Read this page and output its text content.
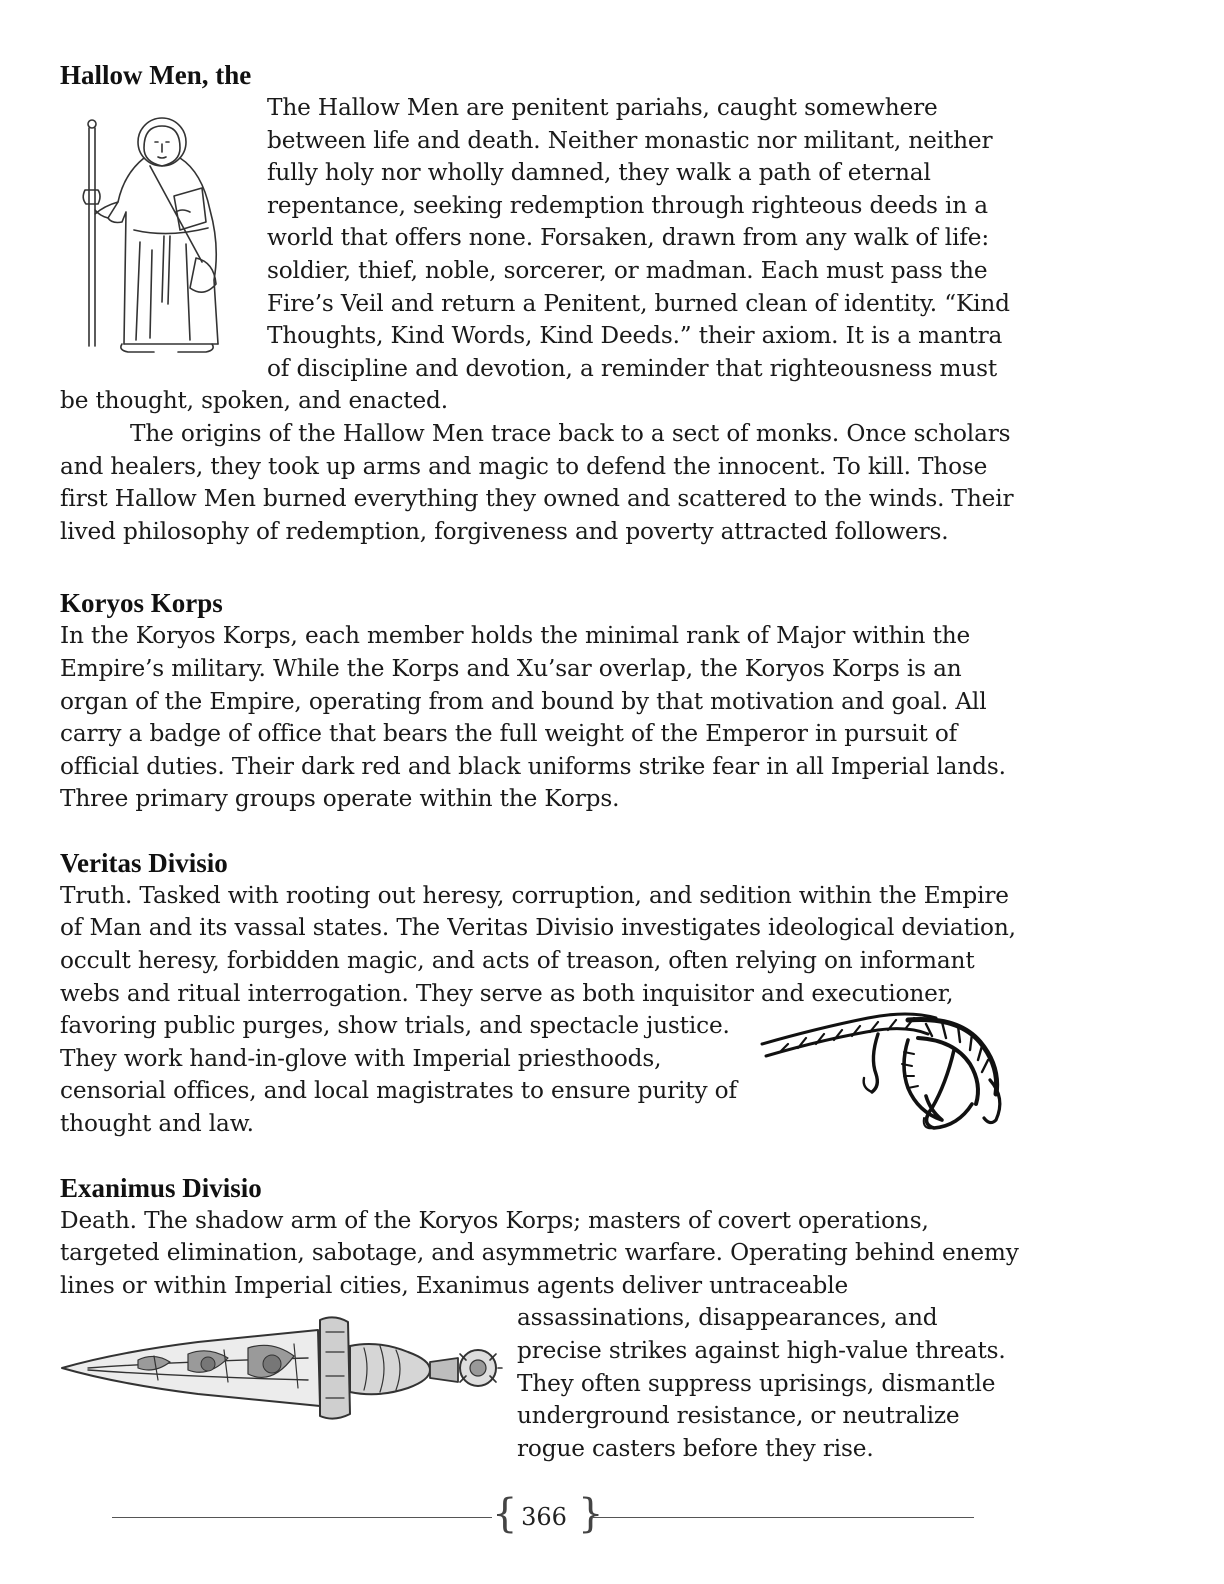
Hallow Men, the

The Hallow Men are penitent pariahs, caught somewhere
between life and death. Neither monastic nor militant, neither
fully holy nor wholly damned, they walk a path of eternal
repentance, seeking redemption through righteous deeds in a
world that offers none. Forsaken, drawn from any walk of life:
soldier, thief, noble, sorcerer, or madman. Each must pass the
Fire’s Veil and return a Penitent, burned clean of identity. “Kind
Thoughts, Kind Words, Kind Deeds.” their axiom. It is a mantra
of discipline and devotion, a reminder that righteousness must
be thought, spoken, and enacted.

The origins of the Hallow Men trace back to a sect of monks. Once scholars
and healers, they took up arms and magic to defend the innocent. To kill. Those
first Hallow Men burned everything they owned and scattered to the winds. Their
lived philosophy of redemption, forgiveness and poverty attracted followers.

Koryos Korps

In the Koryos Korps, each member holds the minimal rank of Major within the
Empire’s military. While the Korps and Xu’sar overlap, the Koryos Korps is an
organ of the Empire, operating from and bound by that motivation and goal. All
carry a badge of office that bears the full weight of the Emperor in pursuit of
official duties. Their dark red and black uniforms strike fear in all Imperial lands.
Three primary groups operate within the Korps.

Veritas Divisio

Truth. Tasked with rooting out heresy, corruption, and sedition within the Empire
of Man and its vassal states. The Veritas Divisio investigates ideological deviation,
occult heresy, forbidden magic, and acts of treason, often relying on informant
webs and ritual interrogation. They serve as both inquisitor and executioner,
favoring public purges, show trials, and spectacle justice.
They work hand-in-glove with Imperial priesthoods,
censorial offices, and local magistrates to ensure purity of
thought and law.

Exanimus Divisio

Death. The shadow arm of the Koryos Korps; masters of covert operations,
targeted elimination, sabotage, and asymmetric warfare. Operating behind enemy
lines or within Imperial cities, Exanimus agents deliver untraceable
assassinations, disappearances, and
precise strikes against high-value threats.
They often suppress uprisings, dismantle
underground resistance, or neutralize
rogue casters before they rise.

{ 366 }
